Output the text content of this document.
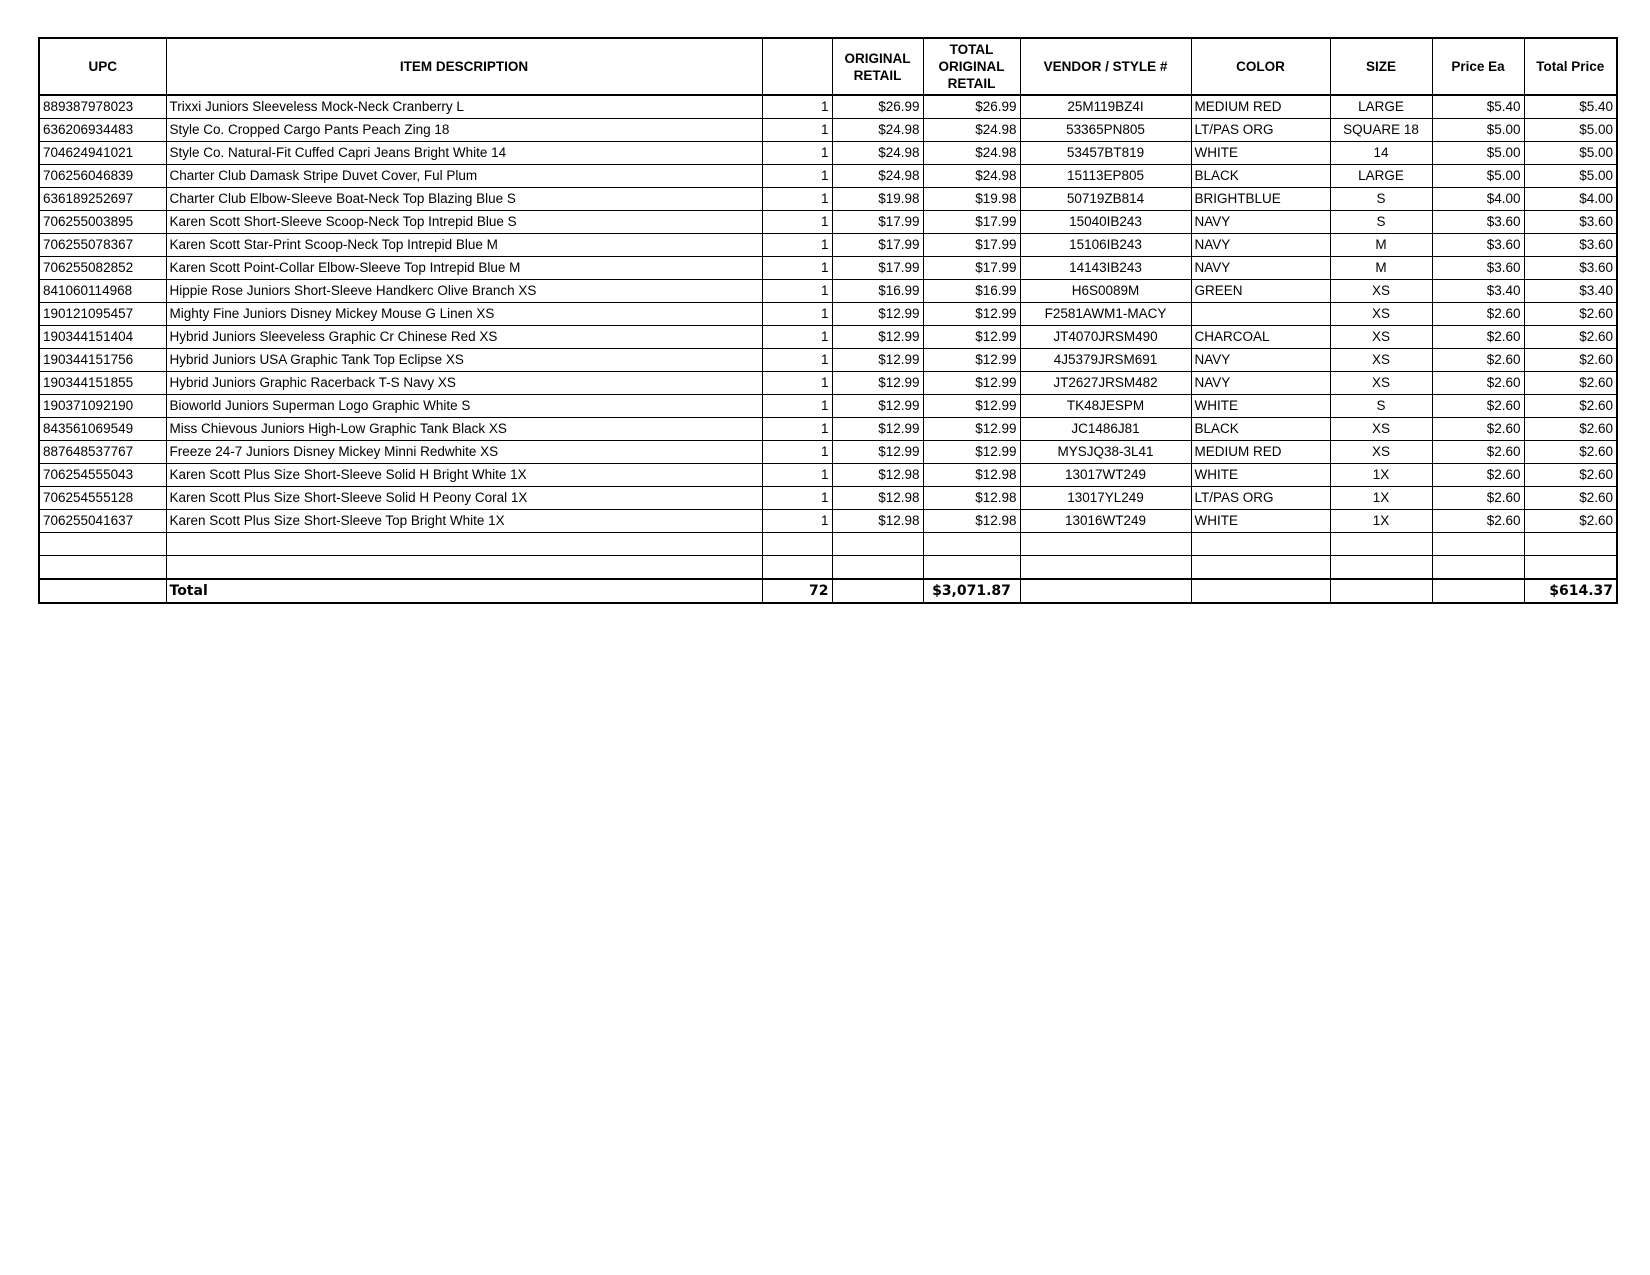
UPC	ITEM DESCRIPTION		ORIGINAL RETAIL	TOTAL ORIGINAL RETAIL	VENDOR / STYLE #	COLOR	SIZE	Price Ea	Total Price
889387978023	Trixxi Juniors Sleeveless Mock-Neck Cranberry L	1	$26.99	$26.99	25M119BZ4I	MEDIUM RED	LARGE	$5.40	$5.40
636206934483	Style Co. Cropped Cargo Pants Peach Zing 18	1	$24.98	$24.98	53365PN805	LT/PAS ORG	SQUARE 18	$5.00	$5.00
704624941021	Style Co. Natural-Fit Cuffed Capri Jeans Bright White 14	1	$24.98	$24.98	53457BT819	WHITE	14	$5.00	$5.00
706256046839	Charter Club Damask Stripe Duvet Cover, Ful Plum	1	$24.98	$24.98	15113EP805	BLACK	LARGE	$5.00	$5.00
636189252697	Charter Club Elbow-Sleeve Boat-Neck Top Blazing Blue S	1	$19.98	$19.98	50719ZB814	BRIGHTBLUE	S	$4.00	$4.00
706255003895	Karen Scott Short-Sleeve Scoop-Neck Top Intrepid Blue S	1	$17.99	$17.99	15040IB243	NAVY	S	$3.60	$3.60
706255078367	Karen Scott Star-Print Scoop-Neck Top Intrepid Blue M	1	$17.99	$17.99	15106IB243	NAVY	M	$3.60	$3.60
706255082852	Karen Scott Point-Collar Elbow-Sleeve Top Intrepid Blue M	1	$17.99	$17.99	14143IB243	NAVY	M	$3.60	$3.60
841060114968	Hippie Rose Juniors Short-Sleeve Handkerc Olive Branch XS	1	$16.99	$16.99	H6S0089M	GREEN	XS	$3.40	$3.40
190121095457	Mighty Fine Juniors Disney Mickey Mouse G Linen XS	1	$12.99	$12.99	F2581AWM1-MACY		XS	$2.60	$2.60
190344151404	Hybrid Juniors Sleeveless Graphic Cr Chinese Red XS	1	$12.99	$12.99	JT4070JRSM490	CHARCOAL	XS	$2.60	$2.60
190344151756	Hybrid Juniors USA Graphic Tank Top Eclipse XS	1	$12.99	$12.99	4J5379JRSM691	NAVY	XS	$2.60	$2.60
190344151855	Hybrid Juniors Graphic Racerback T-S Navy XS	1	$12.99	$12.99	JT2627JRSM482	NAVY	XS	$2.60	$2.60
190371092190	Bioworld Juniors Superman Logo Graphic White S	1	$12.99	$12.99	TK48JESPM	WHITE	S	$2.60	$2.60
843561069549	Miss Chievous Juniors High-Low Graphic Tank Black XS	1	$12.99	$12.99	JC1486J81	BLACK	XS	$2.60	$2.60
887648537767	Freeze 24-7 Juniors Disney Mickey Minni Redwhite XS	1	$12.99	$12.99	MYSJQ38-3L41	MEDIUM RED	XS	$2.60	$2.60
706254555043	Karen Scott Plus Size Short-Sleeve Solid H Bright White 1X	1	$12.98	$12.98	13017WT249	WHITE	1X	$2.60	$2.60
706254555128	Karen Scott Plus Size Short-Sleeve Solid H Peony Coral 1X	1	$12.98	$12.98	13017YL249	LT/PAS ORG	1X	$2.60	$2.60
706255041637	Karen Scott Plus Size Short-Sleeve Top Bright White 1X	1	$12.98	$12.98	13016WT249	WHITE	1X	$2.60	$2.60

	Total	72		$3,071.87					$614.37
